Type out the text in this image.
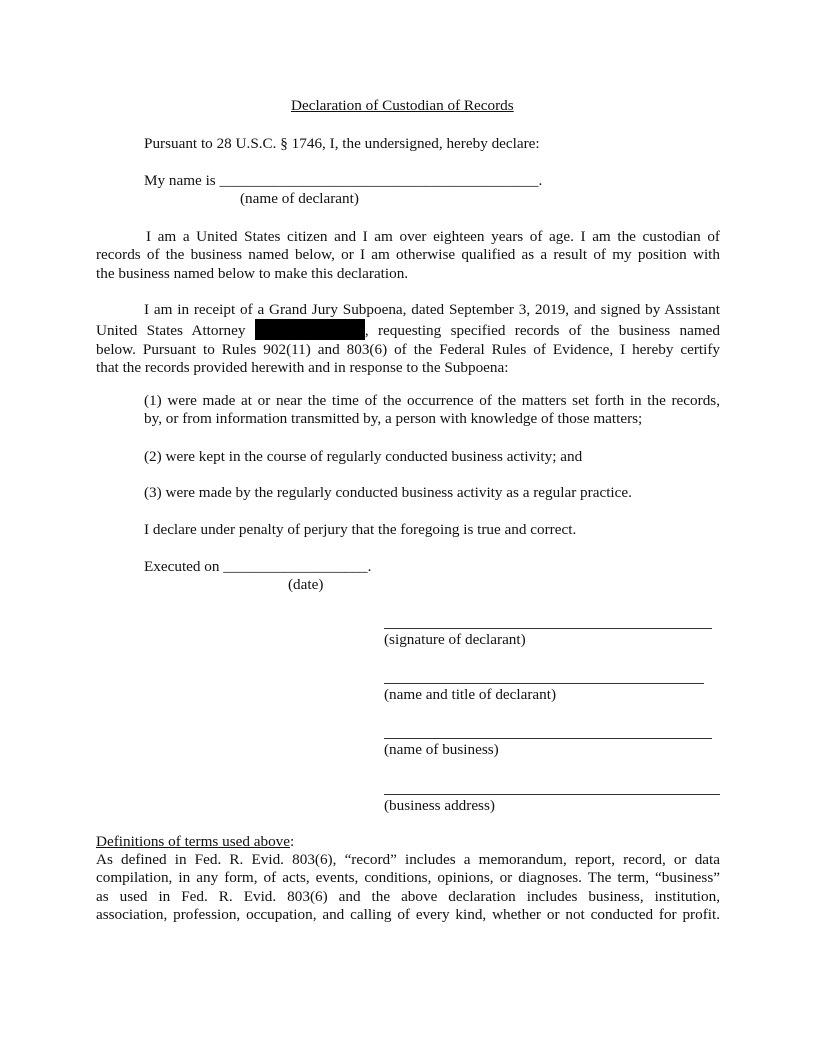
Declaration of Custodian of Records
Pursuant to 28 U.S.C. § 1746, I, the undersigned, hereby declare:
My name is __________________________________________.
(name of declarant)
I am a United States citizen and I am over eighteen years of age. I am the custodian of
records of the business named below, or I am otherwise qualified as a result of my position with
the business named below to make this declaration.
I am in receipt of a Grand Jury Subpoena, dated September 3, 2019, and signed by Assistant
United States Attorney	, requesting specified records of the business named
below. Pursuant to Rules 902(11) and 803(6) of the Federal Rules of Evidence, I hereby certify
that the records provided herewith and in response to the Subpoena:
(1) were made at or near the time of the occurrence of the matters set forth in the records,
by, or from information transmitted by, a person with knowledge of those matters;
(2) were kept in the course of regularly conducted business activity; and
(3) were made by the regularly conducted business activity as a regular practice.
I declare under penalty of perjury that the foregoing is true and correct.
Executed on ___________________.
(date)
(signature of declarant)
(name and title of declarant)
(name of business)
(business address)
Definitions of terms used above:
As defined in Fed. R. Evid. 803(6), “record” includes a memorandum, report, record, or data
compilation, in any form, of acts, events, conditions, opinions, or diagnoses. The term, “business”
as used in Fed. R. Evid. 803(6) and the above declaration includes business, institution,
association, profession, occupation, and calling of every kind, whether or not conducted for profit.
